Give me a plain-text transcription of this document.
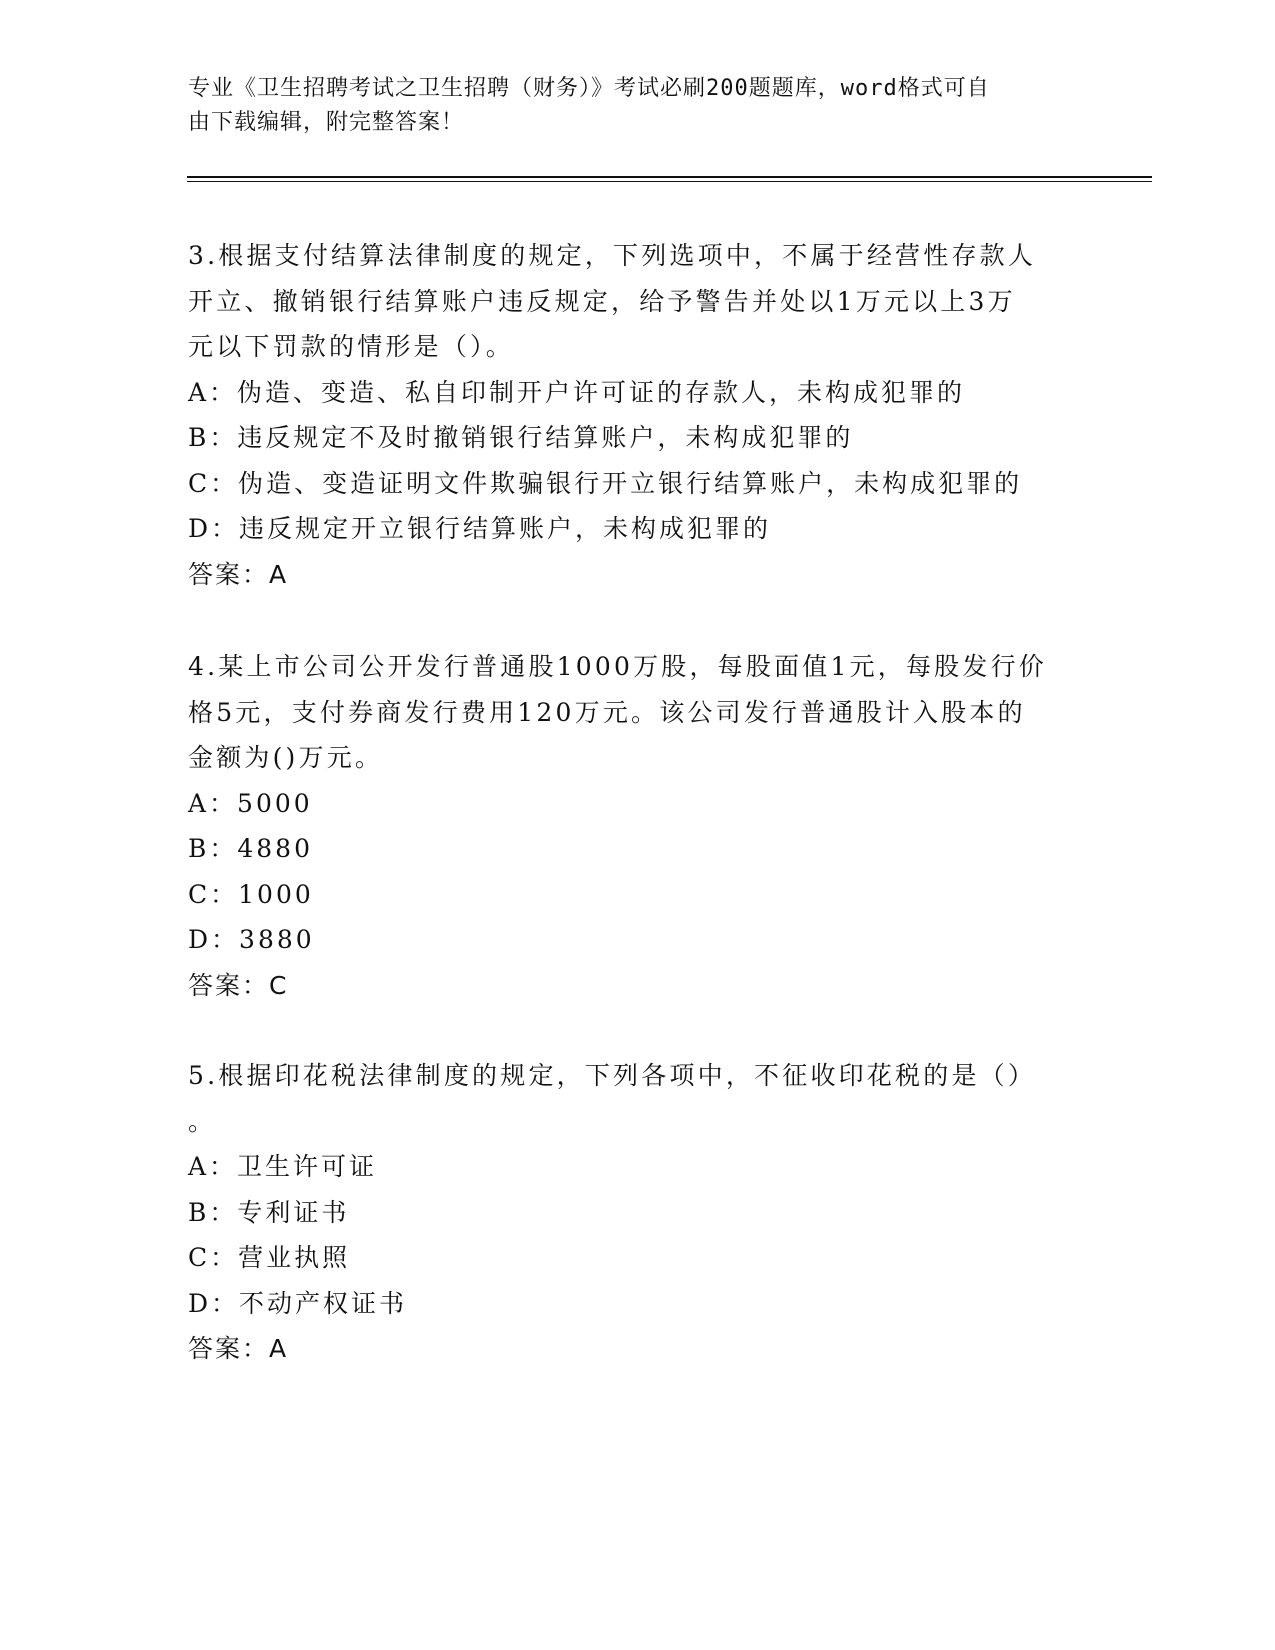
专业《卫生招聘考试之卫生招聘（财务）》考试必刷200题题库，word格式可自
由下载编辑，附完整答案！

3.根据支付结算法律制度的规定，下列选项中，不属于经营性存款人

开立、撤销银行结算账户违反规定，给予警告并处以1万元以上3万

元以下罚款的情形是（）。

A：伪造、变造、私自印制开户许可证的存款人，未构成犯罪的

B：违反规定不及时撤销银行结算账户，未构成犯罪的

C：伪造、变造证明文件欺骗银行开立银行结算账户，未构成犯罪的

D：违反规定开立银行结算账户，未构成犯罪的

答案：A

4.某上市公司公开发行普通股1000万股，每股面值1元，每股发行价

格5元，支付券商发行费用120万元。该公司发行普通股计入股本的

金额为()万元。

A：5000

B：4880

C：1000

D：3880

答案：C

5.根据印花税法律制度的规定，下列各项中，不征收印花税的是（）

。

A：卫生许可证

B：专利证书

C：营业执照

D：不动产权证书

答案：A
